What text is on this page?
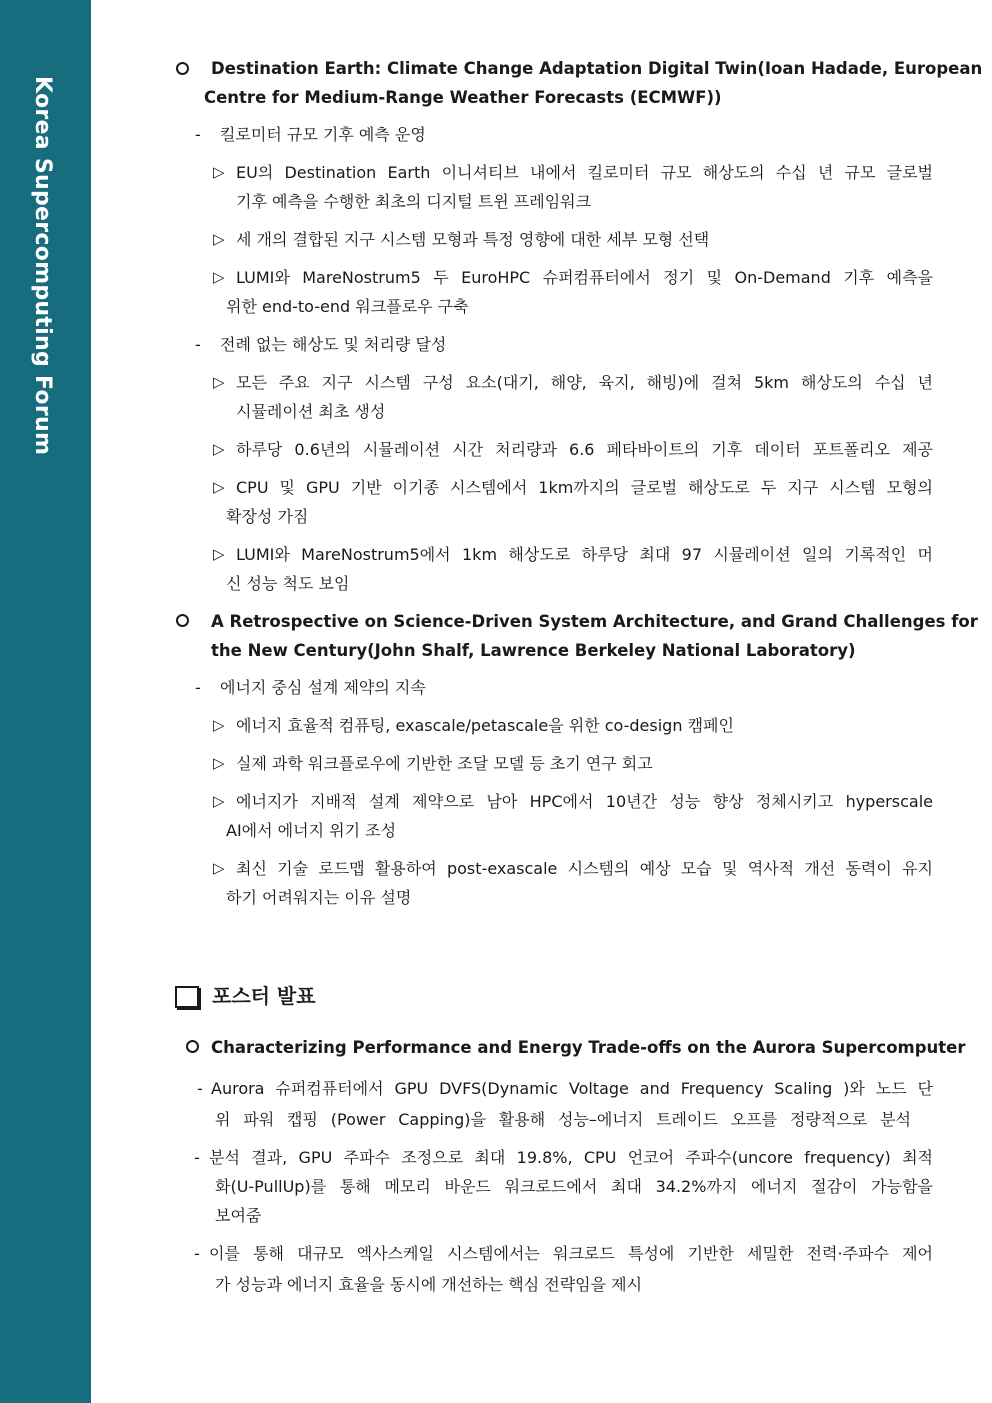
Korea Supercomputing Forum
Destination Earth: Climate Change Adaptation Digital Twin(Ioan Hadade, European
Centre for Medium-Range Weather Forecasts (ECMWF))
- 킬로미터 규모 기후 예측 운영
▷ EU의 Destination Earth 이니셔티브 내에서 킬로미터 규모 해상도의 수십 년 규모 글로벌
기후 예측을 수행한 최초의 디지털 트윈 프레임워크
▷ 세 개의 결합된 지구 시스템 모형과 특정 영향에 대한 세부 모형 선택
▷ LUMI와 MareNostrum5 두 EuroHPC 슈퍼컴퓨터에서 정기 및 On-Demand 기후 예측을
위한 end-to-end 워크플로우 구축
- 전례 없는 해상도 및 처리량 달성
▷ 모든 주요 지구 시스템 구성 요소(대기, 해양, 육지, 해빙)에 걸쳐 5km 해상도의 수십 년
시뮬레이션 최초 생성
▷ 하루당 0.6년의 시뮬레이션 시간 처리량과 6.6 페타바이트의 기후 데이터 포트폴리오 제공
▷ CPU 및 GPU 기반 이기종 시스템에서 1km까지의 글로벌 해상도로 두 지구 시스템 모형의
확장성 가짐
▷ LUMI와 MareNostrum5에서 1km 해상도로 하루당 최대 97 시뮬레이션 일의 기록적인 머
신 성능 척도 보임
A Retrospective on Science-Driven System Architecture, and Grand Challenges for
the New Century(John Shalf, Lawrence Berkeley National Laboratory)
- 에너지 중심 설계 제약의 지속
▷ 에너지 효율적 컴퓨팅, exascale/petascale을 위한 co-design 캠페인
▷ 실제 과학 워크플로우에 기반한 조달 모델 등 초기 연구 회고
▷ 에너지가 지배적 설계 제약으로 남아 HPC에서 10년간 성능 향상 정체시키고 hyperscale
AI에서 에너지 위기 조성
▷ 최신 기술 로드맵 활용하여 post-exascale 시스템의 예상 모습 및 역사적 개선 동력이 유지
하기 어려워지는 이유 설명
포스터 발표
Characterizing Performance and Energy Trade-offs on the Aurora Supercomputer
- Aurora 슈퍼컴퓨터에서 GPU DVFS(Dynamic Voltage and Frequency Scaling )와 노드 단
위 파워 캡핑 (Power Capping)을 활용해 성능–에너지 트레이드 오프를 정량적으로 분석
- 분석 결과, GPU 주파수 조정으로 최대 19.8%, CPU 언코어 주파수(uncore frequency) 최적
화(U-PullUp)를 통해 메모리 바운드 워크로드에서 최대 34.2%까지 에너지 절감이 가능함을
보여줌
- 이를 통해 대규모 엑사스케일 시스템에서는 워크로드 특성에 기반한 세밀한 전력·주파수 제어
가 성능과 에너지 효율을 동시에 개선하는 핵심 전략임을 제시
